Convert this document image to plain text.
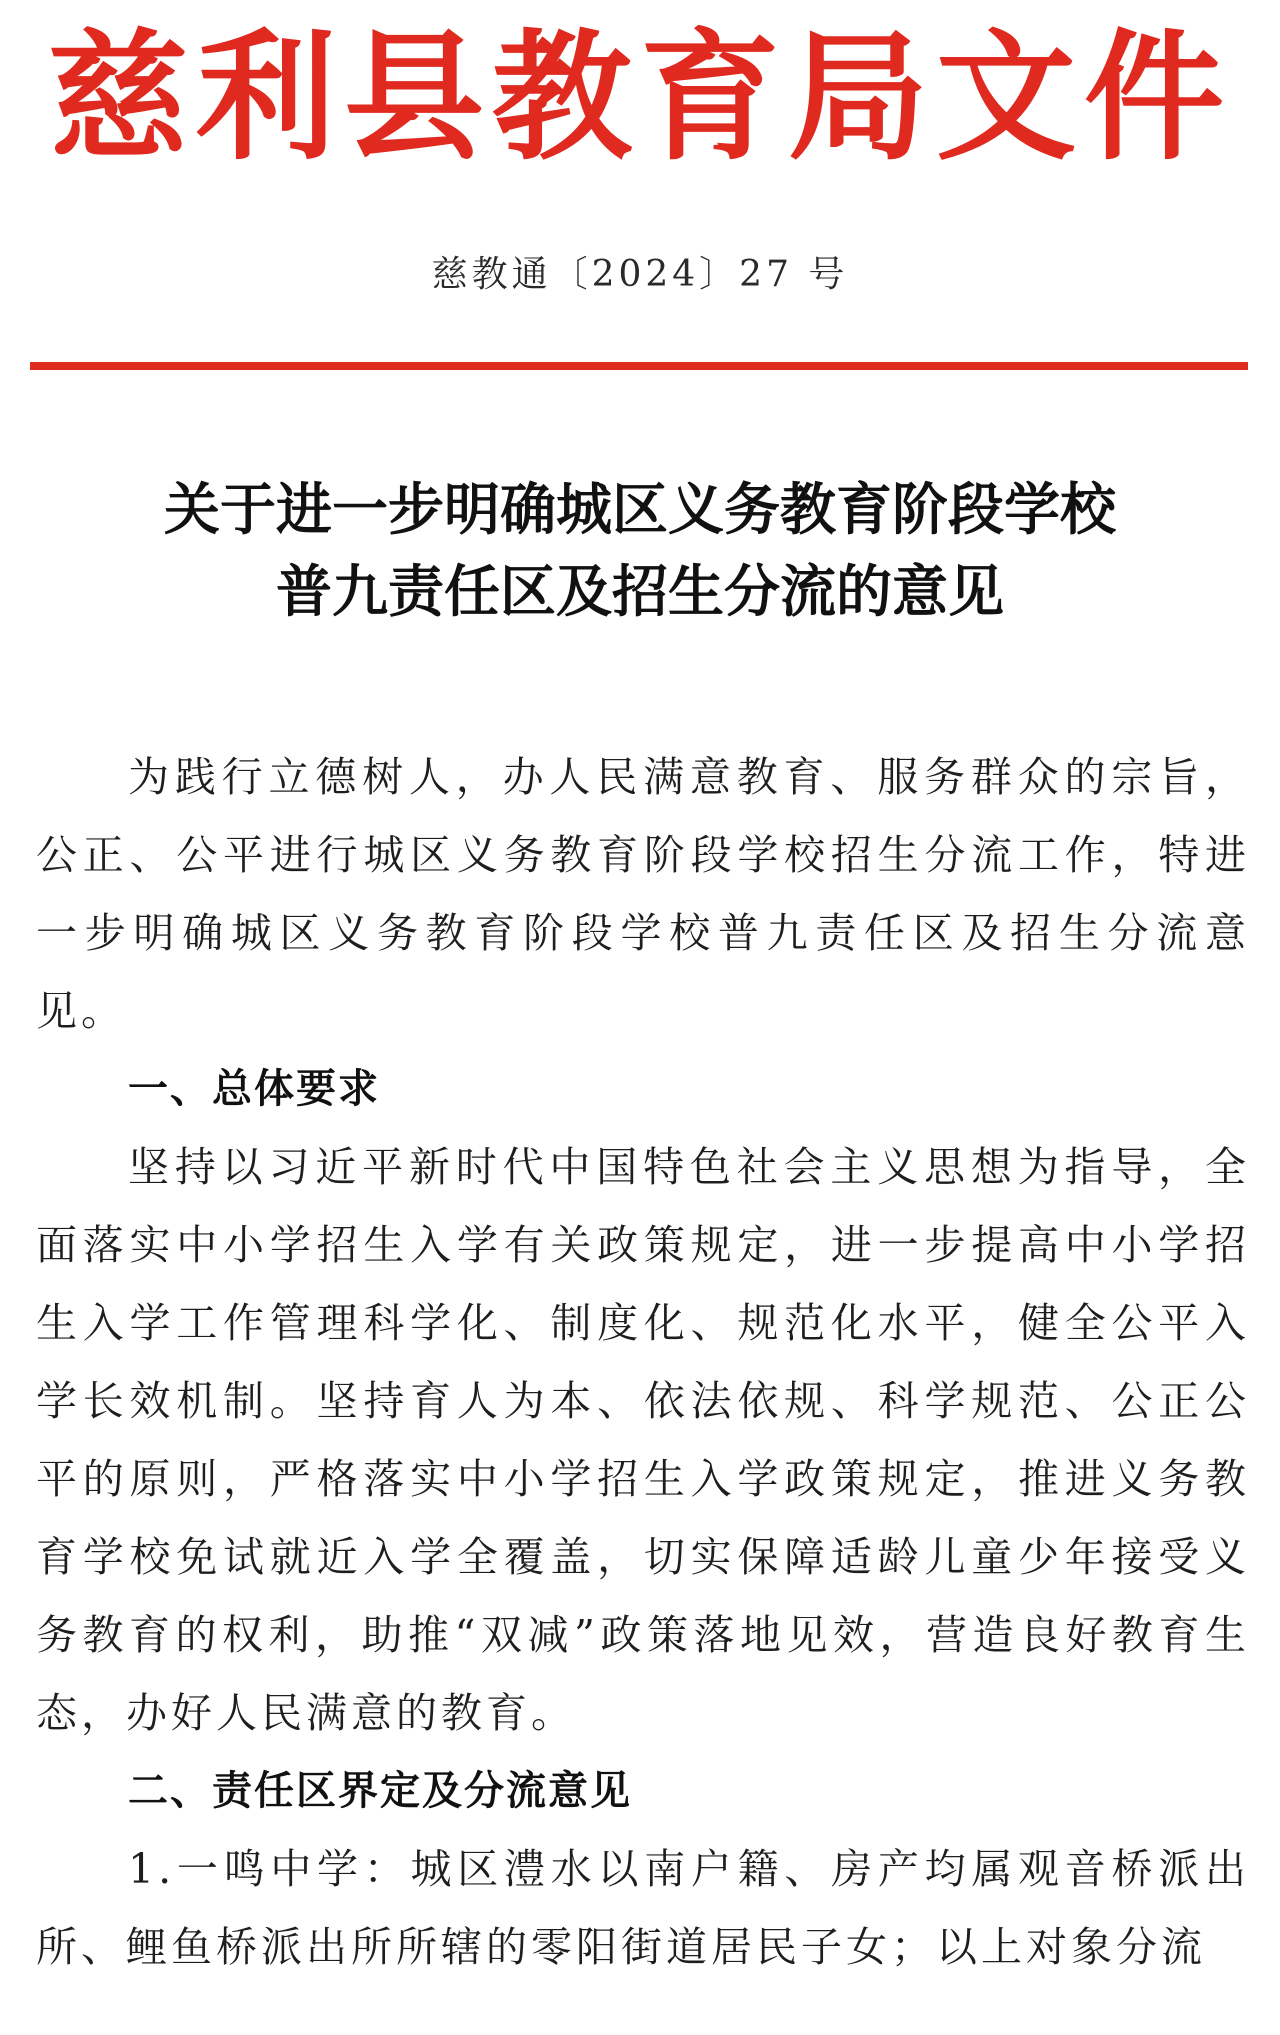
慈利县教育局文件
慈教通〔2024〕27 号
关于进一步明确城区义务教育阶段学校
普九责任区及招生分流的意见

为践行立德树人，办人民满意教育、服务群众的宗旨，公正、公平进行城区义务教育阶段学校招生分流工作，特进一步明确城区义务教育阶段学校普九责任区及招生分流意见。

一、总体要求

坚持以习近平新时代中国特色社会主义思想为指导，全面落实中小学招生入学有关政策规定，进一步提高中小学招生入学工作管理科学化、制度化、规范化水平，健全公平入学长效机制。坚持育人为本、依法依规、科学规范、公正公平的原则，严格落实中小学招生入学政策规定，推进义务教育学校免试就近入学全覆盖，切实保障适龄儿童少年接受义务教育的权利，助推“双减”政策落地见效，营造良好教育生态，办好人民满意的教育。

二、责任区界定及分流意见

1.一鸣中学：城区澧水以南户籍、房产均属观音桥派出所、鲤鱼桥派出所所辖的零阳街道居民子女；以上对象分流
